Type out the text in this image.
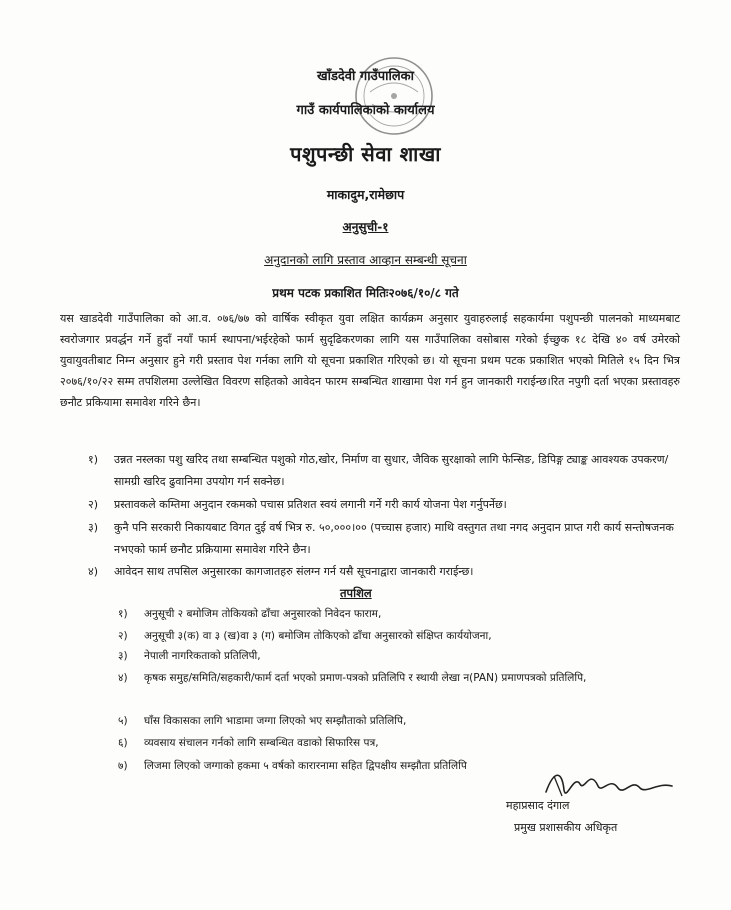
खाँडदेवी गाउँपालिका
गाउँ कार्यपालिकाको कार्यालय
पशुपन्छी सेवा शाखा
माकादुम,रामेछाप
अनुसुची-१
अनुदानको लागि प्रस्ताव आव्हान सम्बन्धी सूचना
प्रथम पटक प्रकाशित मितिः२०७६/१०/८ गते
यस खाडदेवी गाउँपालिका को आ.व. ०७६/७७ को वार्षिक स्वीकृत युवा लक्षित कार्यक्रम अनुसार युवाहरुलाई सहकार्यमा पशुपन्छी पालनको माध्यमबाट स्वरोजगार प्रवर्द्धन गर्ने हुदाँ नयाँ फार्म स्थापना/भईरहेको फार्म सुदृढिकरणका लागि यस गाउँपालिका वसोबास गरेको ईच्छुक १८ देखि ४० वर्ष उमेरको युवायुवतीबाट निम्न अनुसार हुने गरी प्रस्ताव पेश गर्नका लागि यो सूचना प्रकाशित गरिएको छ। यो सूचना प्रथम पटक प्रकाशित भएको मितिले १५ दिन भित्र २०७६/१०/२२ सम्म तपशिलमा उल्लेखित विवरण सहितको आवेदन फारम सम्बन्धित शाखामा पेश गर्न हुन जानकारी गराईन्छ।रित नपुगी दर्ता भएका प्रस्तावहरु छनौट प्रकियामा समावेश गरिने छैन।
१)	उन्नत नस्लका पशु खरिद तथा सम्बन्धित पशुको गोठ,खोर, निर्माण वा सुधार, जैविक सुरक्षाको लागि फेन्सिङ, डिपिङ्ग ट्याङ्क आवश्यक उपकरण/सामग्री खरिद ढुवानिमा उपयोग गर्न सक्नेछ।
२)	प्रस्तावकले कम्तिमा अनुदान रकमको पचास प्रतिशत स्वयं लगानी गर्ने गरी कार्य योजना पेश गर्नुपर्नेछ।
३)	कुनै पनि सरकारी निकायबाट विगत दुई वर्ष भित्र रु. ५०,०००।०० (पच्चास हजार) माथि वस्तुगत तथा नगद अनुदान प्राप्त गरी कार्य सन्तोषजनक नभएको फार्म छनौट प्रक्रियामा समावेश गरिने छैन।
४)	आवेदन साथ तपसिल अनुसारका कागजातहरु संलग्न गर्न यसै सूचनाद्वारा जानकारी गराईन्छ।
तपशिल
१)	अनुसूची २ बमोजिम तोकियको ढाँचा अनुसारको निवेदन फाराम,
२)	अनुसूची ३(क) वा ३ (ख)वा ३ (ग) बमोजिम तोकिएको ढाँचा अनुसारको संक्षिप्त कार्ययोजना,
३)	नेपाली नागरिकताको प्रतिलिपी,
४)	कृषक समुह/समिति/सहकारी/फार्म दर्ता भएको प्रमाण-पत्रको प्रतिलिपि र स्थायी लेखा न(PAN) प्रमाणपत्रको प्रतिलिपि,
५)	घाँस विकासका लागि भाडामा जग्गा लिएको भए सम्झौताको प्रतिलिपि,
६)	व्यवसाय संचालन गर्नको लागि सम्बन्धित वडाको सिफारिस पत्र,
७)	लिजमा लिएको जग्गाको हकमा ५ वर्षको कारारनामा सहित द्विपक्षीय सम्झौता प्रतिलिपि
महाप्रसाद दंगाल
प्रमुख प्रशासकीय अधिकृत
